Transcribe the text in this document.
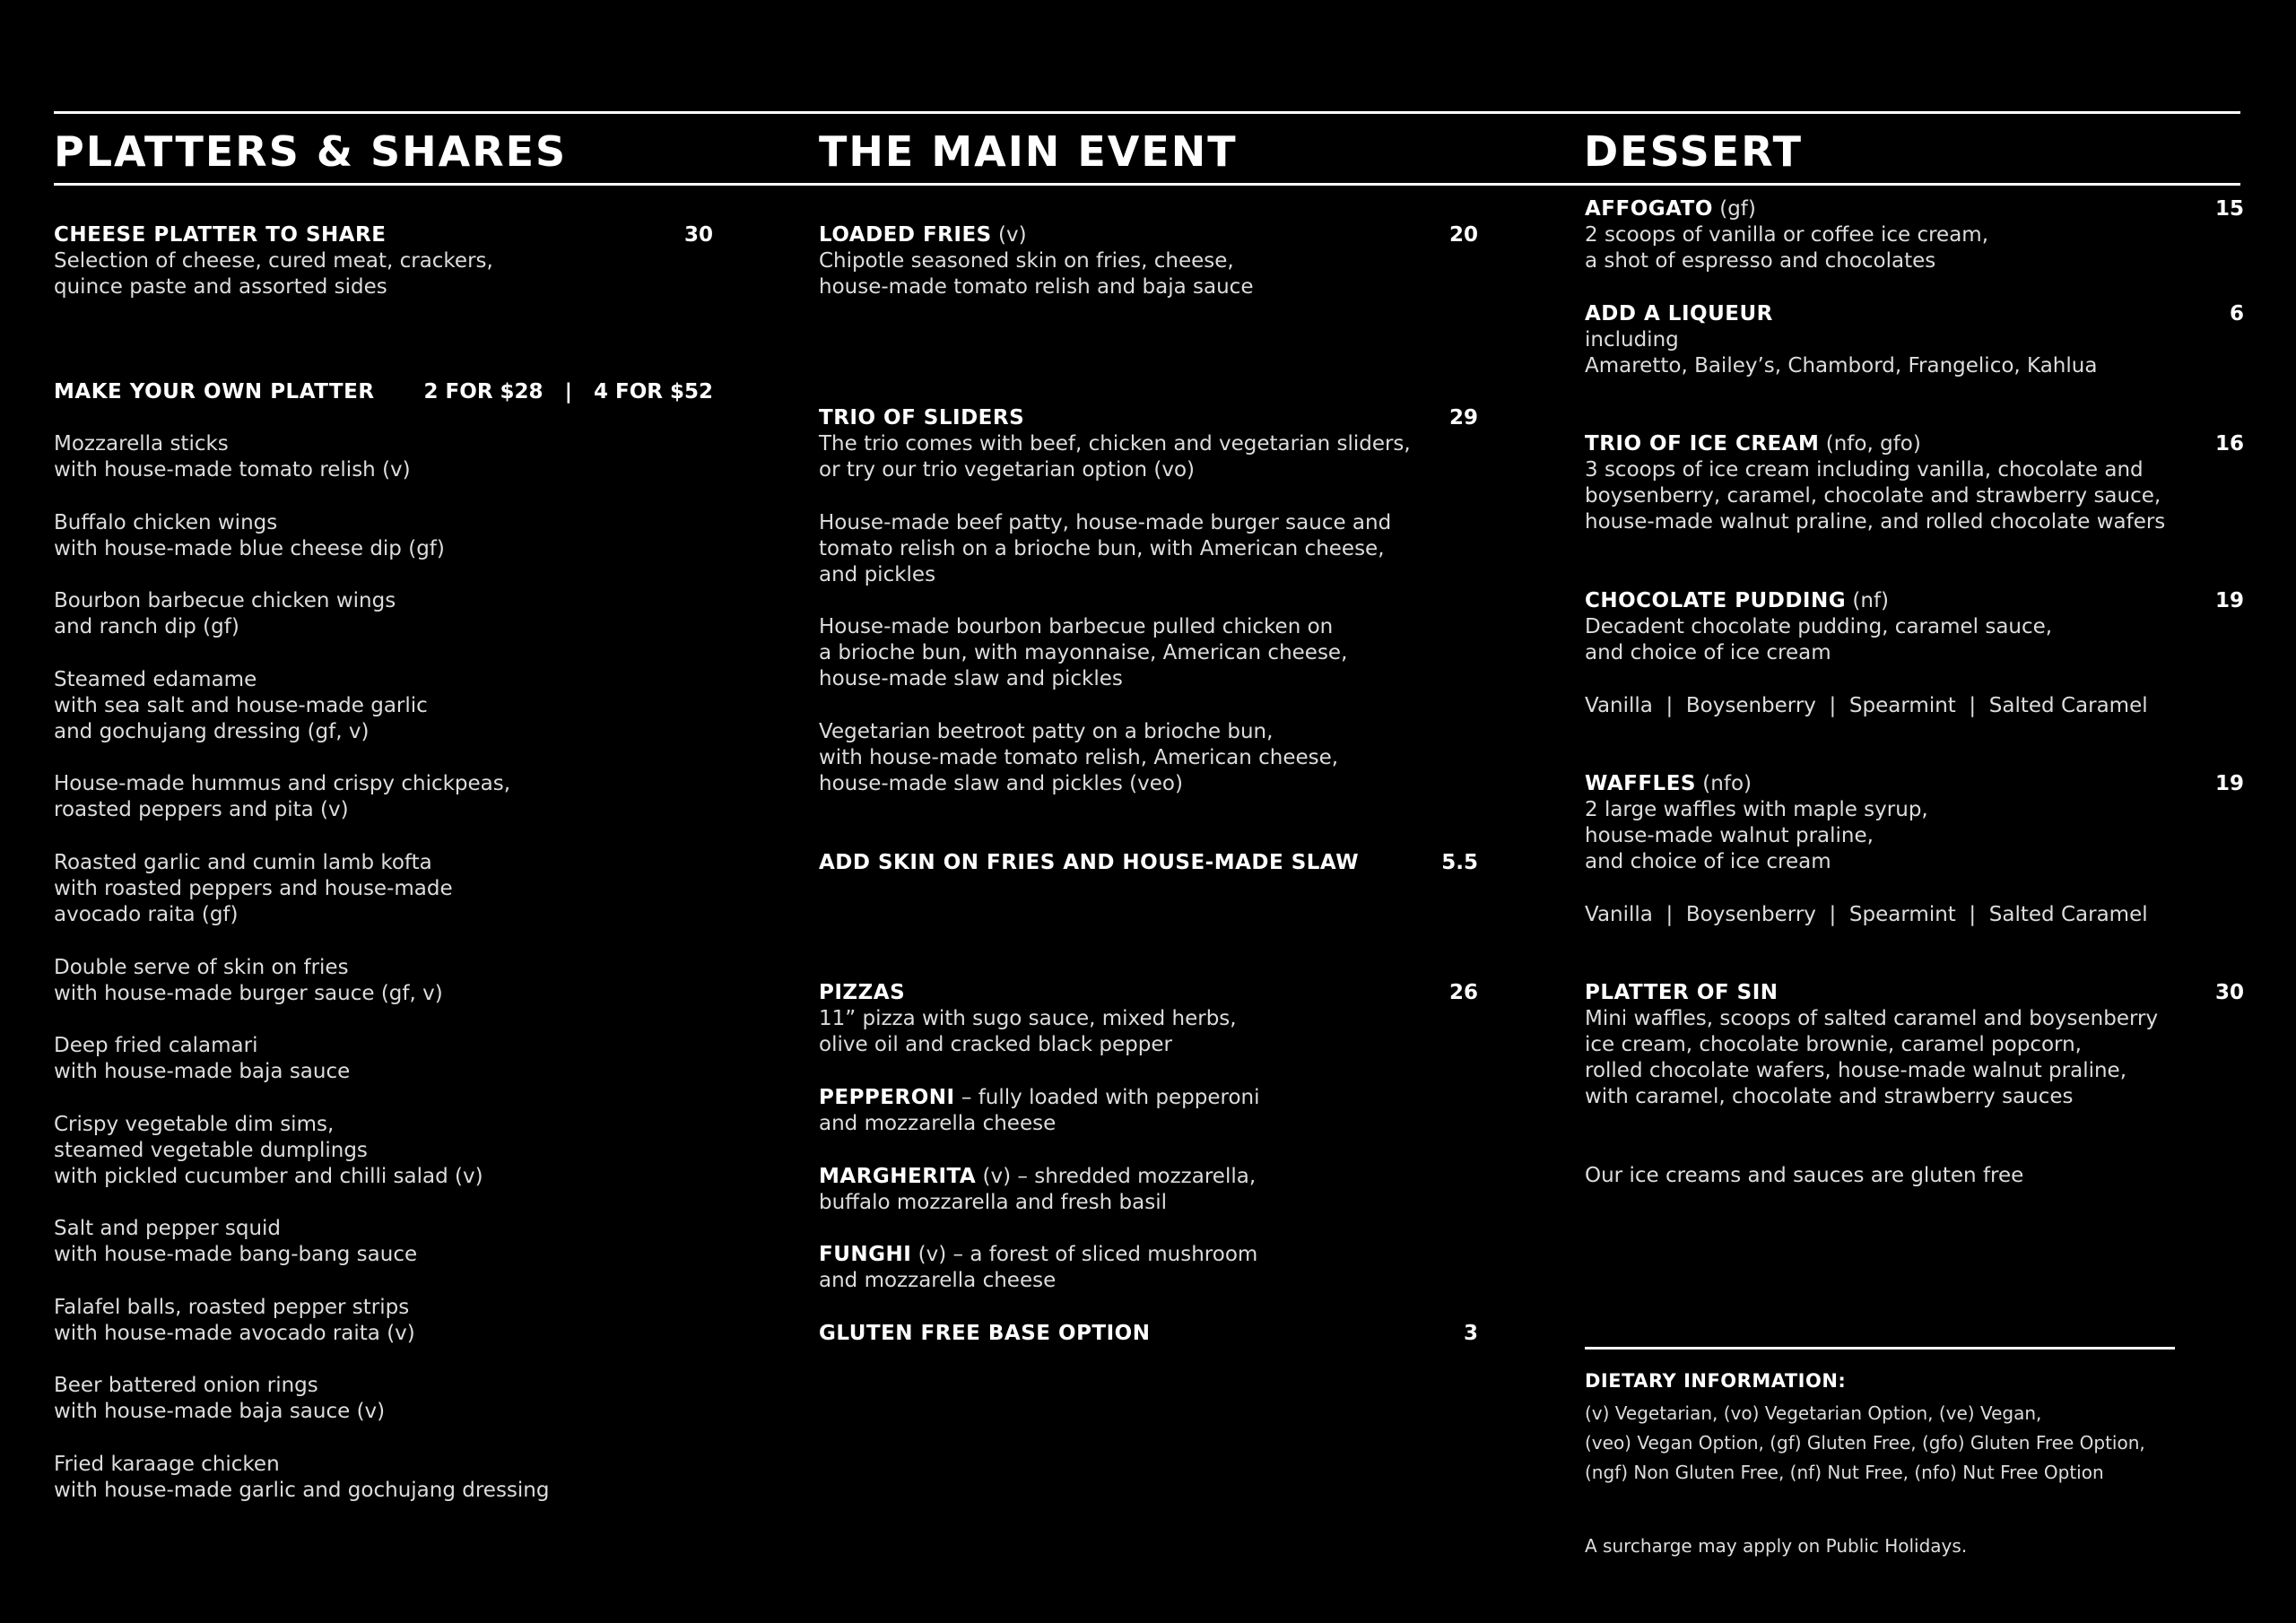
PLATTERS & SHARES	THE MAIN EVENT	DESSERT
CHEESE PLATTER TO SHARE	30
Selection of cheese, cured meat, crackers,
quince paste and assorted sides
MAKE YOUR OWN PLATTER	2 FOR $28   |   4 FOR $52
Mozzarella sticks
with house-made tomato relish (v)
Buffalo chicken wings
with house-made blue cheese dip (gf)
Bourbon barbecue chicken wings
and ranch dip (gf)
Steamed edamame
with sea salt and house-made garlic
and gochujang dressing (gf, v)
House-made hummus and crispy chickpeas,
roasted peppers and pita (v)
Roasted garlic and cumin lamb kofta
with roasted peppers and house-made
avocado raita (gf)
Double serve of skin on fries
with house-made burger sauce (gf, v)
Deep fried calamari
with house-made baja sauce
Crispy vegetable dim sims,
steamed vegetable dumplings
with pickled cucumber and chilli salad (v)
Salt and pepper squid
with house-made bang-bang sauce
Falafel balls, roasted pepper strips
with house-made avocado raita (v)
Beer battered onion rings
with house-made baja sauce (v)
Fried karaage chicken
with house-made garlic and gochujang dressing
LOADED FRIES (v)	20
Chipotle seasoned skin on fries, cheese,
house-made tomato relish and baja sauce
TRIO OF SLIDERS	29
The trio comes with beef, chicken and vegetarian sliders,
or try our trio vegetarian option (vo)
House-made beef patty, house-made burger sauce and
tomato relish on a brioche bun, with American cheese,
and pickles
House-made bourbon barbecue pulled chicken on
a brioche bun, with mayonnaise, American cheese,
house-made slaw and pickles
Vegetarian beetroot patty on a brioche bun,
with house-made tomato relish, American cheese,
house-made slaw and pickles (veo)
ADD SKIN ON FRIES AND HOUSE-MADE SLAW	5.5
PIZZAS	26
11” pizza with sugo sauce, mixed herbs,
olive oil and cracked black pepper
PEPPERONI – fully loaded with pepperoni
and mozzarella cheese
MARGHERITA (v) – shredded mozzarella,
buffalo mozzarella and fresh basil
FUNGHI (v) – a forest of sliced mushroom
and mozzarella cheese
GLUTEN FREE BASE OPTION	3
AFFOGATO (gf)	15
2 scoops of vanilla or coffee ice cream,
a shot of espresso and chocolates
ADD A LIQUEUR	6
including
Amaretto, Bailey’s, Chambord, Frangelico, Kahlua
TRIO OF ICE CREAM (nfo, gfo)	16
3 scoops of ice cream including vanilla, chocolate and
boysenberry, caramel, chocolate and strawberry sauce,
house-made walnut praline, and rolled chocolate wafers
CHOCOLATE PUDDING (nf)	19
Decadent chocolate pudding, caramel sauce,
and choice of ice cream
Vanilla  |  Boysenberry  |  Spearmint  |  Salted Caramel
WAFFLES (nfo)	19
2 large waffles with maple syrup,
house-made walnut praline,
and choice of ice cream
Vanilla  |  Boysenberry  |  Spearmint  |  Salted Caramel
PLATTER OF SIN	30
Mini waffles, scoops of salted caramel and boysenberry
ice cream, chocolate brownie, caramel popcorn,
rolled chocolate wafers, house-made walnut praline,
with caramel, chocolate and strawberry sauces
Our ice creams and sauces are gluten free
DIETARY INFORMATION:
(v) Vegetarian, (vo) Vegetarian Option, (ve) Vegan,
(veo) Vegan Option, (gf) Gluten Free, (gfo) Gluten Free Option,
(ngf) Non Gluten Free, (nf) Nut Free, (nfo) Nut Free Option
A surcharge may apply on Public Holidays.
